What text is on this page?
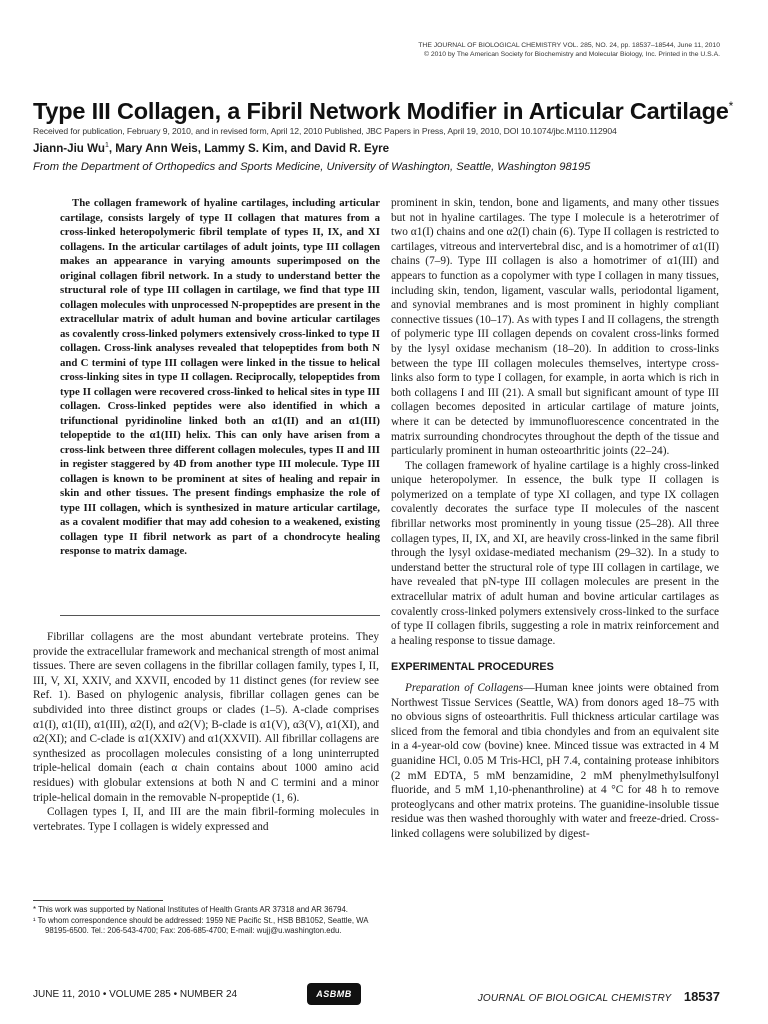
THE JOURNAL OF BIOLOGICAL CHEMISTRY VOL. 285, NO. 24, pp. 18537–18544, June 11, 2010
© 2010 by The American Society for Biochemistry and Molecular Biology, Inc. Printed in the U.S.A.
Type III Collagen, a Fibril Network Modifier in Articular Cartilage*
Received for publication, February 9, 2010, and in revised form, April 12, 2010 Published, JBC Papers in Press, April 19, 2010, DOI 10.1074/jbc.M110.112904
Jiann-Jiu Wu$^1$, Mary Ann Weis, Lammy S. Kim, and David R. Eyre
From the Department of Orthopedics and Sports Medicine, University of Washington, Seattle, Washington 98195

The collagen framework of hyaline cartilages, including articular cartilage, consists largely of type II collagen that matures from a cross-linked heteropolymeric fibril template of types II, IX, and XI collagens. In the articular cartilages of adult joints, type III collagen makes an appearance in varying amounts superimposed on the original collagen fibril network. In a study to understand better the structural role of type III collagen in cartilage, we find that type III collagen molecules with unprocessed N-propeptides are present in the extracellular matrix of adult human and bovine articular cartilages as covalently cross-linked polymers extensively cross-linked to type II collagen. Cross-link analyses revealed that telopeptides from both N and C termini of type III collagen were linked in the tissue to helical cross-linking sites in type II collagen. Reciprocally, telopeptides from type II collagen were recovered cross-linked to helical sites in type III collagen. Cross-linked peptides were also identified in which a trifunctional pyridinoline linked both an α1(II) and an α1(III) telopeptide to the α1(III) helix. This can only have arisen from a cross-link between three different collagen molecules, types II and III in register staggered by 4D from another type III molecule. Type III collagen is known to be prominent at sites of healing and repair in skin and other tissues. The present findings emphasize the role of type III collagen, which is synthesized in mature articular cartilage, as a covalent modifier that may add cohesion to a weakened, existing collagen type II fibril network as part of a chondrocyte healing response to matrix damage.

Fibrillar collagens are the most abundant vertebrate proteins. They provide the extracellular framework and mechanical strength of most animal tissues. There are seven collagens in the fibrillar collagen family, types I, II, III, V, XI, XXIV, and XXVII, encoded by 11 distinct genes (for review see Ref. 1). Based on phylogenic analysis, fibrillar collagen genes can be subdivided into three distinct groups or clades (1–5). A-clade comprises α1(I), α1(II), α1(III), α2(I), and α2(V); B-clade is α1(V), α3(V), α1(XI), and α2(XI); and C-clade is α1(XXIV) and α1(XXVII). All fibrillar collagens are synthesized as procollagen molecules consisting of a long uninterrupted triple-helical domain (each α chain contains about 1000 amino acid residues) with globular extensions at both N and C termini and a minor triple-helical domain in the removable N-propeptide (1, 6).

Collagen types I, II, and III are the main fibril-forming molecules in vertebrates. Type I collagen is widely expressed and

* This work was supported by National Institutes of Health Grants AR 37318 and AR 36794.

¹ To whom correspondence should be addressed: 1959 NE Pacific St., HSB BB1052, Seattle, WA 98195-6500. Tel.: 206-543-4700; Fax: 206-685-4700; E-mail: wujj@u.washington.edu.

prominent in skin, tendon, bone and ligaments, and many other tissues but not in hyaline cartilages. The type I molecule is a heterotrimer of two α1(I) chains and one α2(I) chain (6). Type II collagen is restricted to cartilages, vitreous and intervertebral disc, and is a homotrimer of α1(II) chains (7–9). Type III collagen is also a homotrimer of α1(III) and appears to function as a copolymer with type I collagen in many tissues, including skin, tendon, ligament, vascular walls, periodontal ligament, and synovial membranes and is most prominent in highly compliant connective tissues (10–17). As with types I and II collagens, the strength of polymeric type III collagen depends on covalent cross-links formed by the lysyl oxidase mechanism (18–20). In addition to cross-links between the type III collagen molecules themselves, intertype cross-links also form to type I collagen, for example, in aorta which is rich in both collagens I and III (21). A small but significant amount of type III collagen becomes deposited in articular cartilage of mature joints, where it can be detected by immunofluorescence concentrated in the matrix surrounding chondrocytes throughout the depth of the tissue and particularly prominent in human osteoarthritic joints (22–24).

The collagen framework of hyaline cartilage is a highly cross-linked unique heteropolymer. In essence, the bulk type II collagen is polymerized on a template of type XI collagen, and type IX collagen covalently decorates the surface type II molecules of the nascent fibrillar networks most prominently in young tissue (25–28). All three collagen types, II, IX, and XI, are heavily cross-linked in the same fibril through the lysyl oxidase-mediated mechanism (29–32). In a study to understand better the structural role of type III collagen in cartilage, we have revealed that pN-type III collagen molecules are present in the extracellular matrix of adult human and bovine articular cartilages as covalently cross-linked polymers extensively cross-linked to the surface of type II collagen fibrils, suggesting a role in matrix reinforcement and a healing response to tissue damage.

EXPERIMENTAL PROCEDURES

Preparation of Collagens—Human knee joints were obtained from Northwest Tissue Services (Seattle, WA) from donors aged 18–75 with no obvious signs of osteoarthritis. Full thickness articular cartilage was sliced from the femoral and tibia chondyles and from an equivalent site in a 4-year-old cow (bovine) knee. Minced tissue was extracted in 4 M guanidine HCl, 0.05 M Tris-HCl, pH 7.4, containing protease inhibitors (2 mM EDTA, 5 mM benzamidine, 2 mM phenylmethylsulfonyl fluoride, and 5 mM 1,10-phenanthroline) at 4 °C for 48 h to remove proteoglycans and other matrix proteins. The guanidine-insoluble tissue residue was then washed thoroughly with water and freeze-dried. Cross-linked collagens were solubilized by digest-

JUNE 11, 2010 • VOLUME 285 • NUMBER 24	ASBMB	JOURNAL OF BIOLOGICAL CHEMISTRY 18537
